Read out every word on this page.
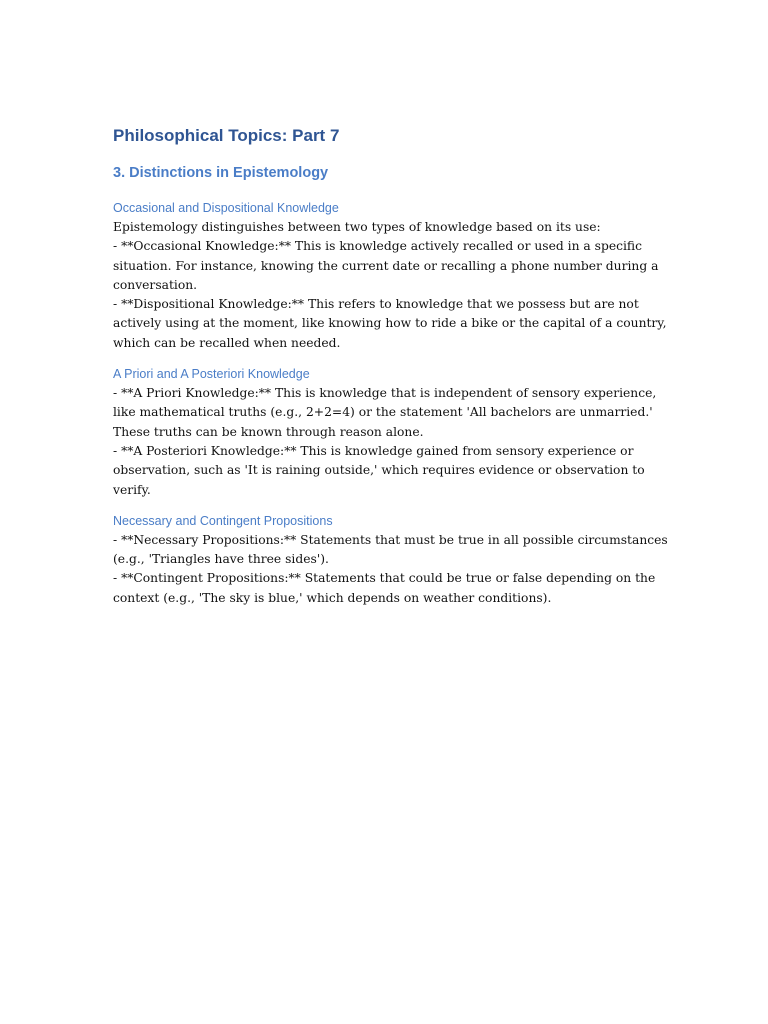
Philosophical Topics: Part 7
3. Distinctions in Epistemology
Occasional and Dispositional Knowledge

Epistemology distinguishes between two types of knowledge based on its use:
- **Occasional Knowledge:** This is knowledge actively recalled or used in a specific situation. For instance, knowing the current date or recalling a phone number during a conversation.
- **Dispositional Knowledge:** This refers to knowledge that we possess but are not actively using at the moment, like knowing how to ride a bike or the capital of a country, which can be recalled when needed.

A Priori and A Posteriori Knowledge

- **A Priori Knowledge:** This is knowledge that is independent of sensory experience, like mathematical truths (e.g., 2+2=4) or the statement 'All bachelors are unmarried.' These truths can be known through reason alone.
- **A Posteriori Knowledge:** This is knowledge gained from sensory experience or observation, such as 'It is raining outside,' which requires evidence or observation to verify.

Necessary and Contingent Propositions

- **Necessary Propositions:** Statements that must be true in all possible circumstances (e.g., 'Triangles have three sides').
- **Contingent Propositions:** Statements that could be true or false depending on the context (e.g., 'The sky is blue,' which depends on weather conditions).
